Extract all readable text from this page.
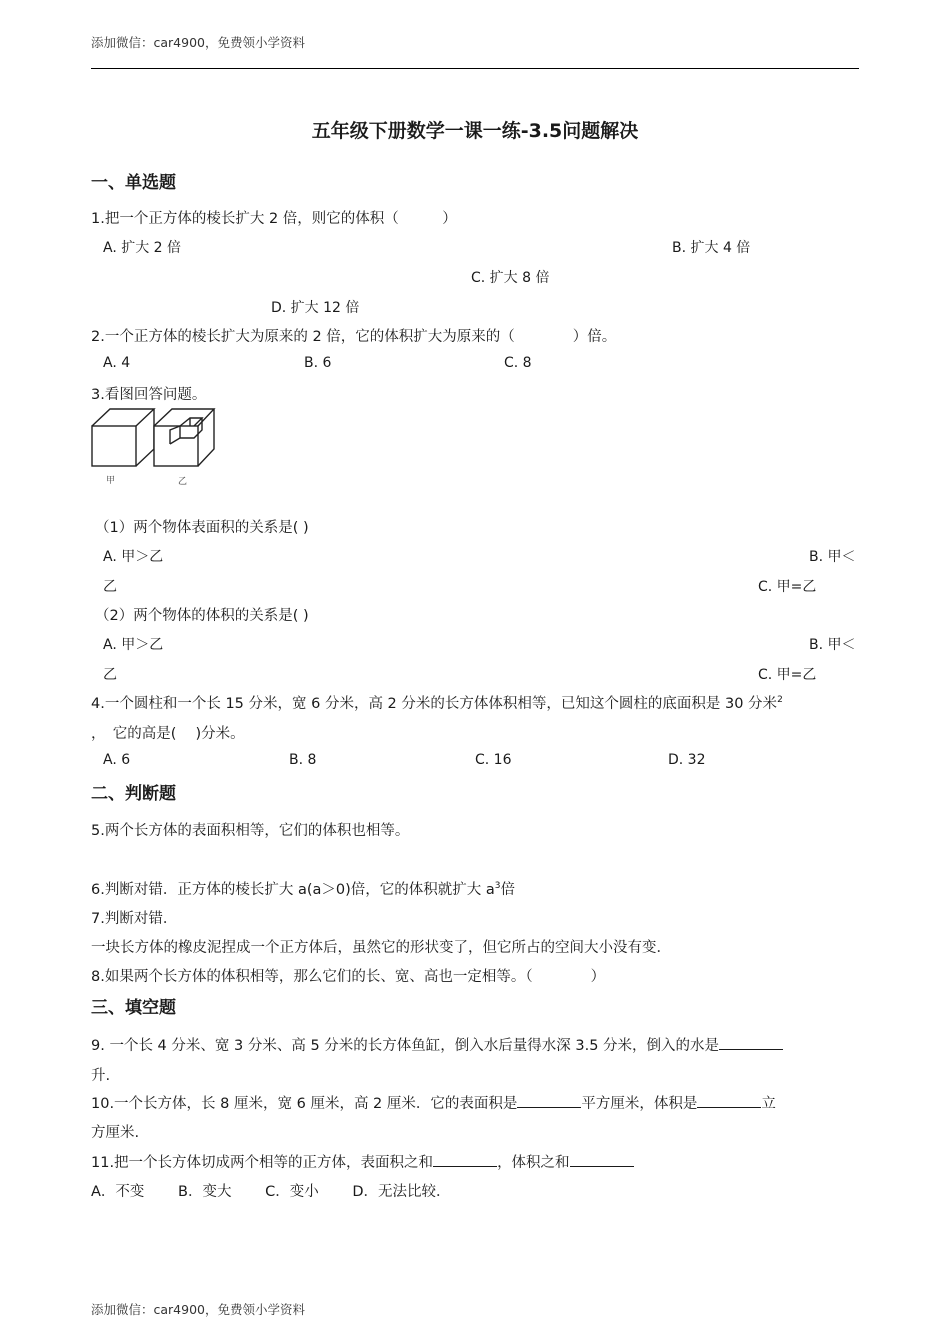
添加微信：car4900，免费领小学资料
五年级下册数学一课一练-3.5问题解决
一、单选题
1.把一个正方体的棱长扩大 2 倍，则它的体积（　　　）
A. 扩大 2 倍	B. 扩大 4 倍
C. 扩大 8 倍
D. 扩大 12 倍
2.一个正方体的棱长扩大为原来的 2 倍，它的体积扩大为原来的（　　　　）倍。
A. 4	B. 6	C. 8
3.看图回答问题。
甲	乙
（1）两个物体表面积的关系是( )
A. 甲＞乙	B. 甲＜
乙	C. 甲=乙
（2）两个物体的体积的关系是( )
A. 甲＞乙	B. 甲＜
乙	C. 甲=乙
4.一个圆柱和一个长 15 分米，宽 6 分米，高 2 分米的长方体体积相等，已知这个圆柱的底面积是 30 分米$^2$
，　它的高是(　 )分米。
A. 6	B. 8	C. 16	D. 32
二、判断题
5.两个长方体的表面积相等，它们的体积也相等。
6.判断对错．正方体的棱长扩大 a(a＞0)倍，它的体积就扩大 $a^3$倍
7.判断对错．
一块长方体的橡皮泥捏成一个正方体后，虽然它的形状变了，但它所占的空间大小没有变．
8.如果两个长方体的体积相等，那么它们的长、宽、高也一定相等。（　　　　）
三、填空题
9. 一个长 4 分米、宽 3 分米、高 5 分米的长方体鱼缸，倒入水后量得水深 3.5 分米，倒入的水是
升.
10.一个长方体，长 8 厘米，宽 6 厘米，高 2 厘米．它的表面积是	平方厘米，体积是	立
方厘米.
11.把一个长方体切成两个相等的正方体，表面积之和	，体积之和
A．不变　　 B．变大　　 C．变小　　 D．无法比较．
添加微信：car4900，免费领小学资料
